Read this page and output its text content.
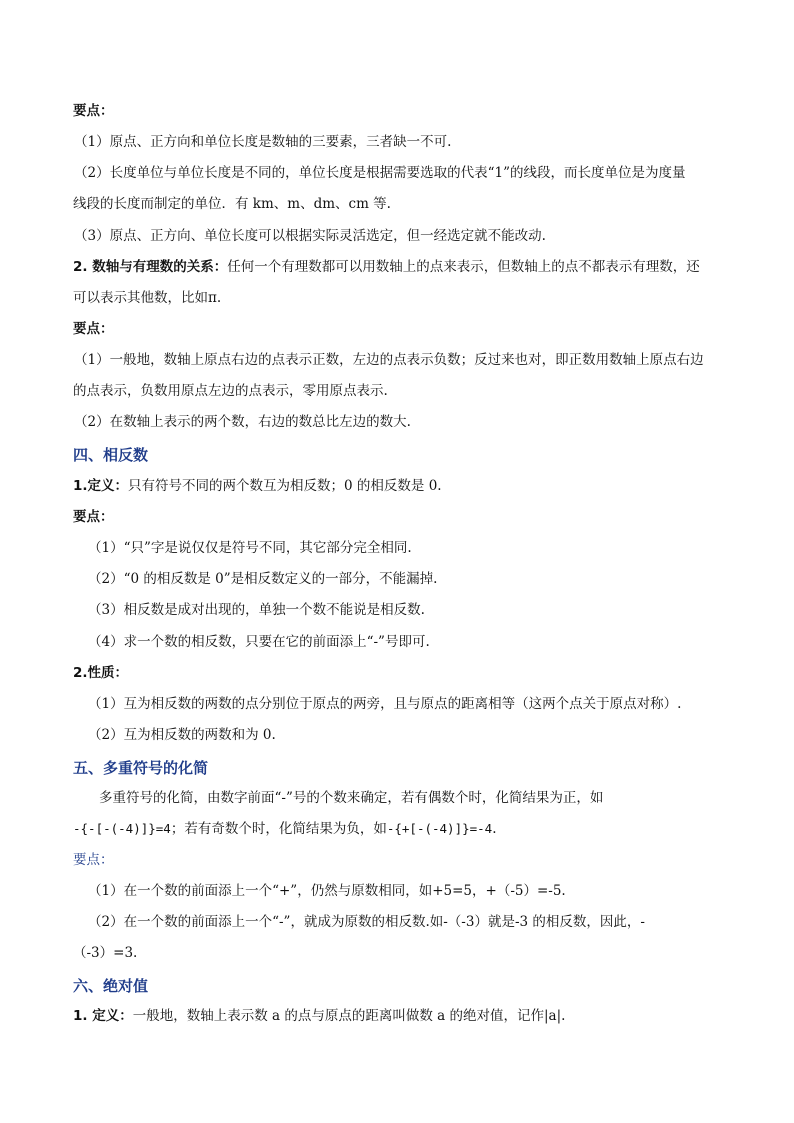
要点：
（1）原点、正方向和单位长度是数轴的三要素，三者缺一不可.
（2）长度单位与单位长度是不同的，单位长度是根据需要选取的代表“1”的线段，而长度单位是为度量
线段的长度而制定的单位．有 km、m、dm、cm 等.
（3）原点、正方向、单位长度可以根据实际灵活选定，但一经选定就不能改动.
2. 数轴与有理数的关系：任何一个有理数都可以用数轴上的点来表示，但数轴上的点不都表示有理数，还
可以表示其他数，比如π.
要点：
（1）一般地，数轴上原点右边的点表示正数，左边的点表示负数；反过来也对，即正数用数轴上原点右边
的点表示，负数用原点左边的点表示，零用原点表示.
（2）在数轴上表示的两个数，右边的数总比左边的数大.
四、相反数
1.定义：只有符号不同的两个数互为相反数；0 的相反数是 0.
要点：
（1）“只”字是说仅仅是符号不同，其它部分完全相同.
（2）“0 的相反数是 0”是相反数定义的一部分，不能漏掉.
（3）相反数是成对出现的，单独一个数不能说是相反数.
（4）求一个数的相反数，只要在它的前面添上“-”号即可.
2.性质：
（1）互为相反数的两数的点分别位于原点的两旁，且与原点的距离相等（这两个点关于原点对称）.
（2）互为相反数的两数和为 0.
五、多重符号的化简
多重符号的化简，由数字前面“-”号的个数来确定，若有偶数个时，化简结果为正，如
-{-[-(-4)]}=4；若有奇数个时，化简结果为负，如-{+[-(-4)]}=-4.
要点：
（1）在一个数的前面添上一个“+”，仍然与原数相同，如+5=5，+（-5）=-5.
（2）在一个数的前面添上一个“-”，就成为原数的相反数.如-（-3）就是-3 的相反数，因此，-
（-3）=3.
六、绝对值
1. 定义：一般地，数轴上表示数 a 的点与原点的距离叫做数 a 的绝对值，记作|a|.
